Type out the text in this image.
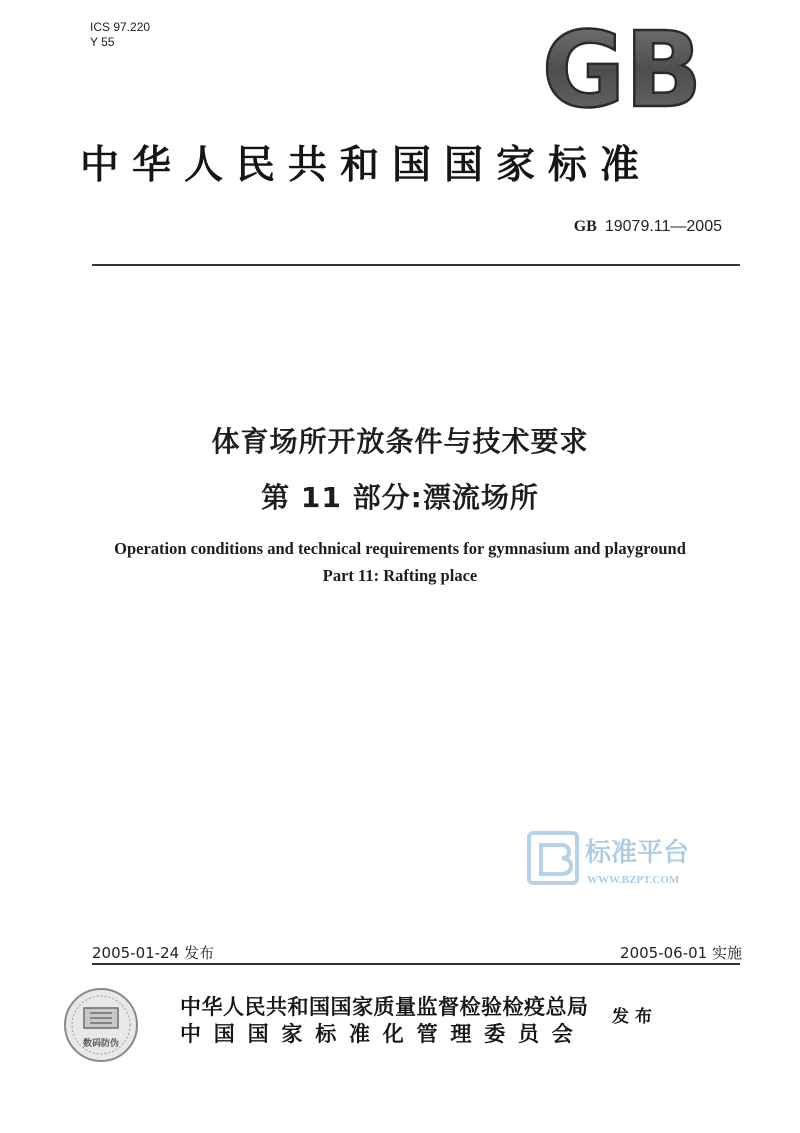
ICS 97.220
Y 55	GB
中华人民共和国国家标准
GB 19079.11—2005
体育场所开放条件与技术要求
第 11 部分:漂流场所
Operation conditions and technical requirements for gymnasium and playground
Part 11: Rafting place
标准平台
WWW.BZPT.COM
2005-01-24 发布	2005-06-01 实施
数码防伪
中华人民共和国国家质量监督检验检疫总局
中国国家标准化管理委员会
发布
